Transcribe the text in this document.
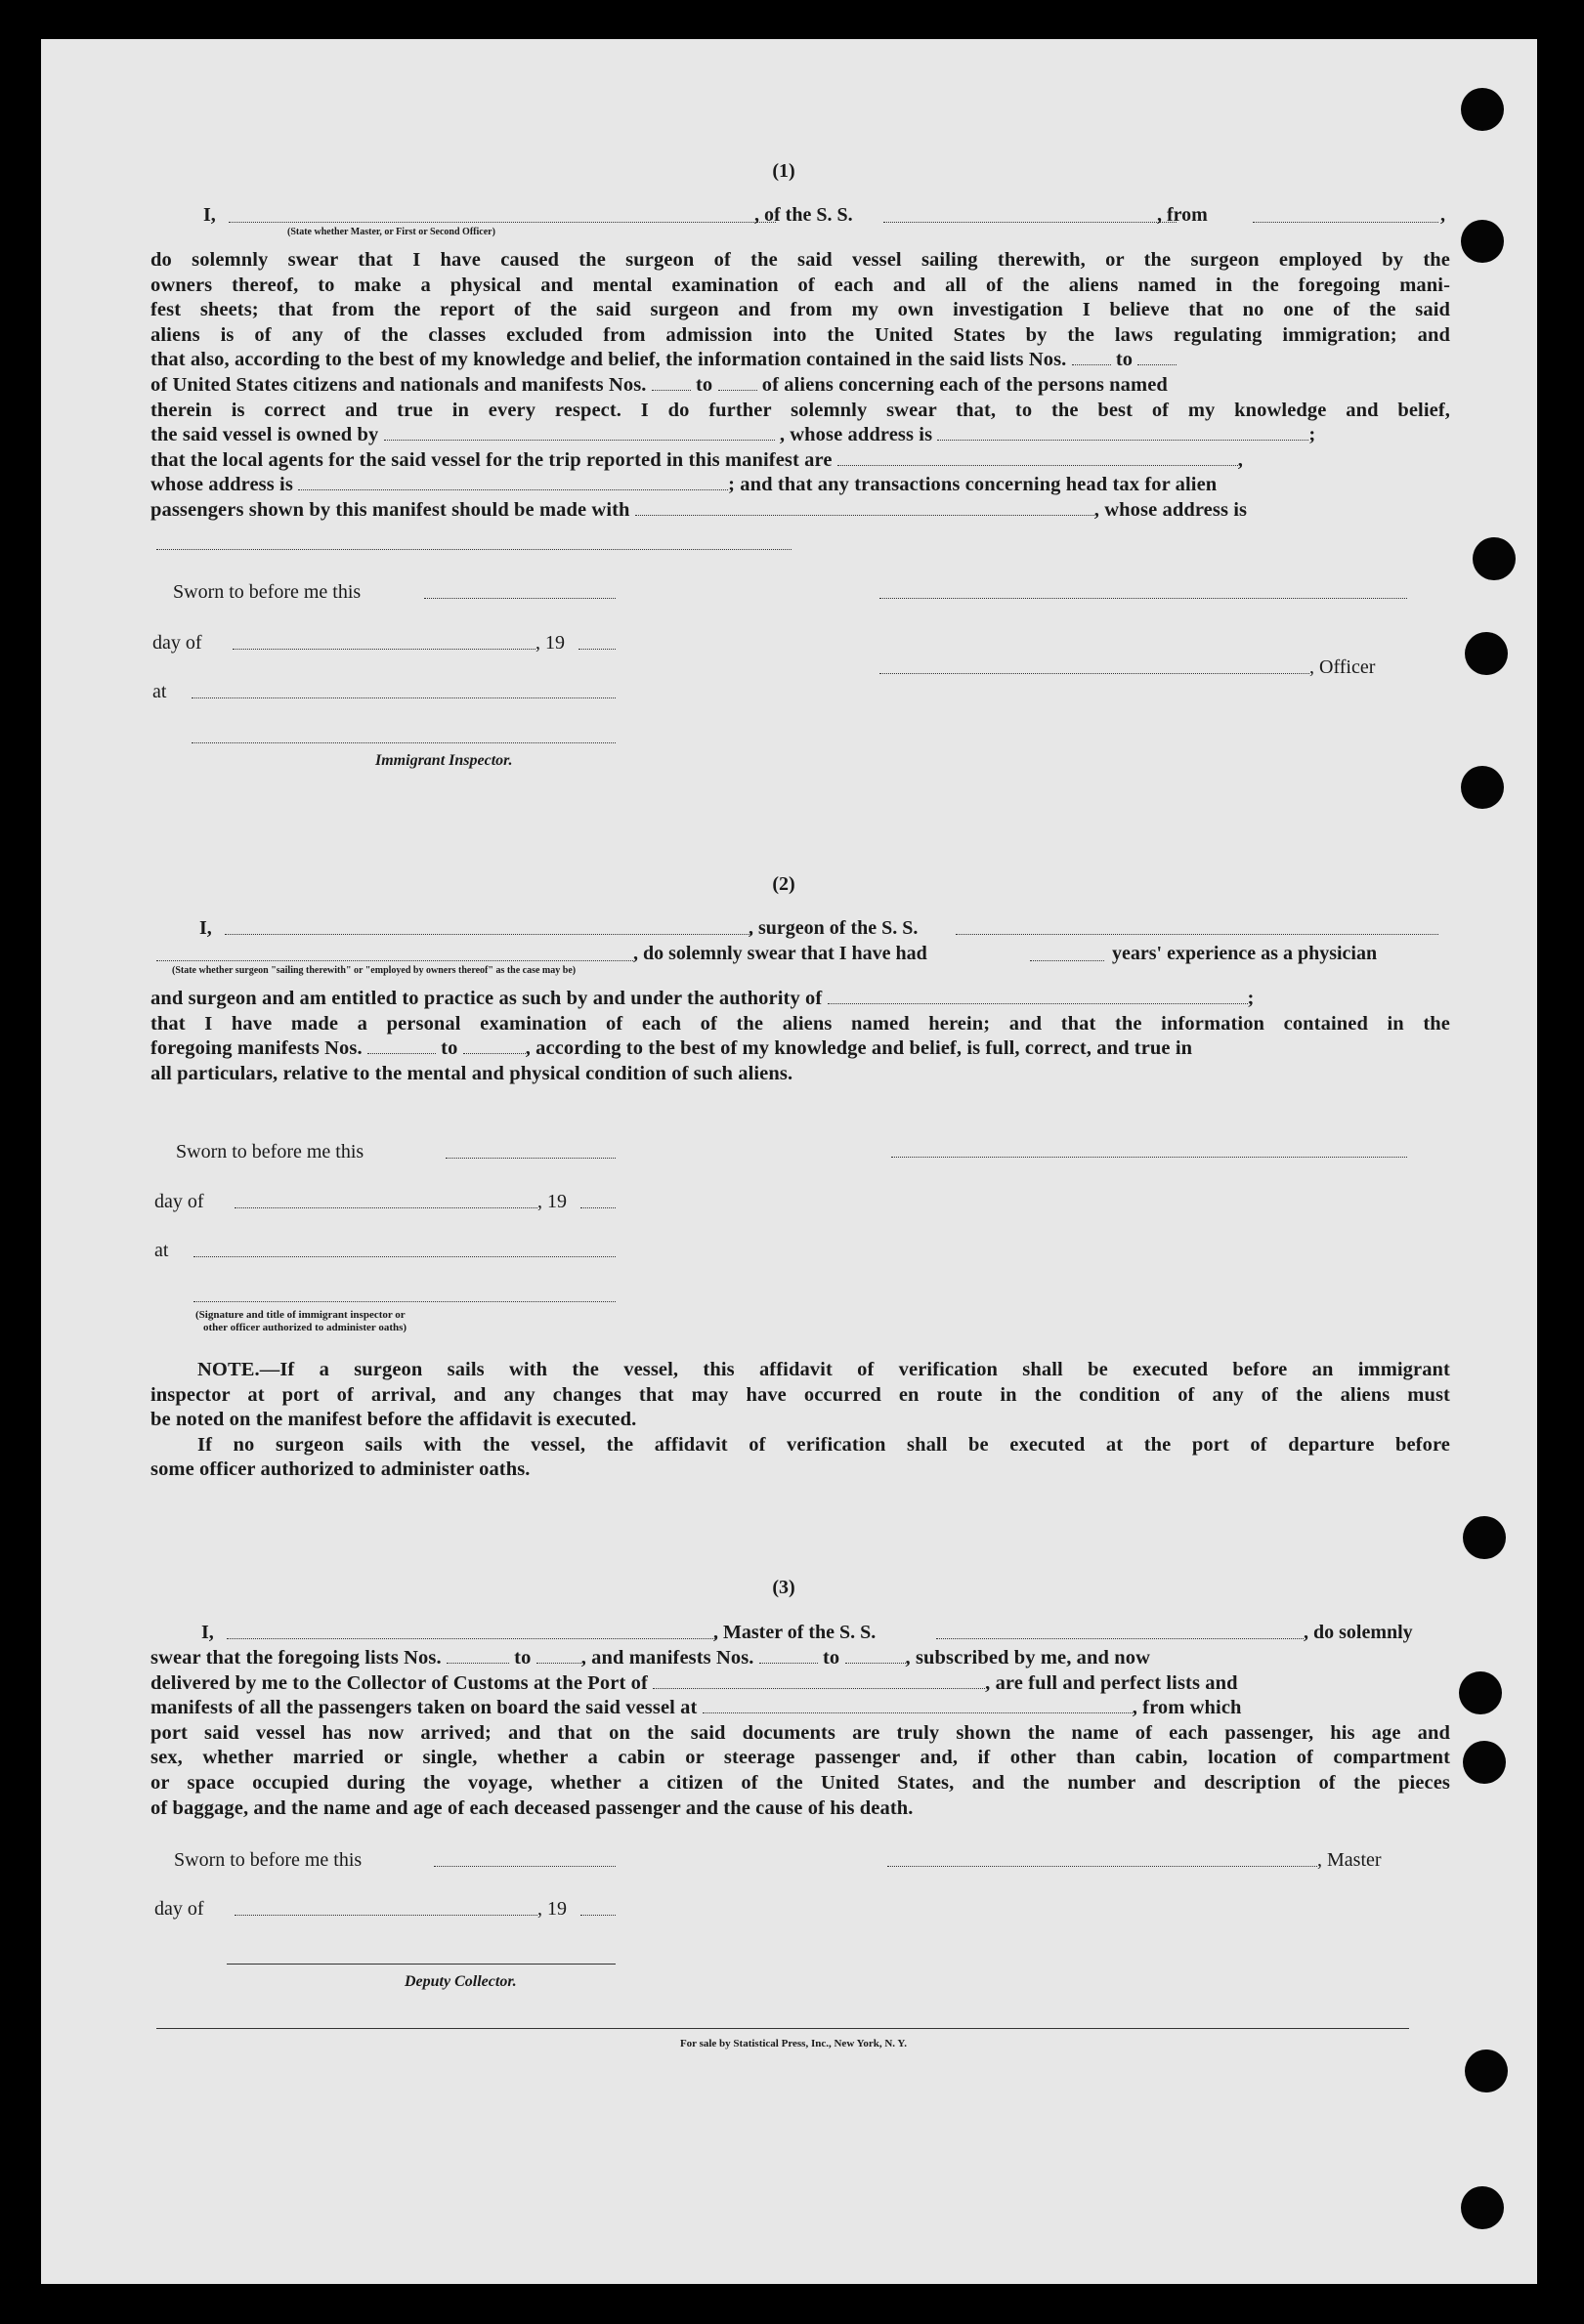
(1)
I,	, of the S. S.	, from	,
(State whether Master, or First or Second Officer)
do solemnly swear that I have caused the surgeon of the said vessel sailing therewith, or the surgeon employed by the
owners thereof, to make a physical and mental examination of each and all of the aliens named in the foregoing mani-
fest sheets; that from the report of the said surgeon and from my own investigation I believe that no one of the said
aliens is of any of the classes excluded from admission into the United States by the laws regulating immigration; and
that also, according to the best of my knowledge and belief, the information contained in the said lists Nos. to
of United States citizens and nationals and manifests Nos. to of aliens concerning each of the persons named
therein is correct and true in every respect. I do further solemnly swear that, to the best of my knowledge and belief,
the said vessel is owned by	, whose address is	;
that the local agents for the said vessel for the trip reported in this manifest are	,
whose address is	; and that any transactions concerning head tax for alien
passengers shown by this manifest should be made with	, whose address is
Sworn to before me this
day of	, 19
, Officer
at
Immigrant Inspector.
(2)
I,	, surgeon of the S. S.
, do solemnly swear that I have had	years' experience as a physician
(State whether surgeon "sailing therewith" or "employed by owners thereof" as the case may be)
and surgeon and am entitled to practice as such by and under the authority of	;
that I have made a personal examination of each of the aliens named herein; and that the information contained in the
foregoing manifests Nos.	to	, according to the best of my knowledge and belief, is full, correct, and true in
all particulars, relative to the mental and physical condition of such aliens.
Sworn to before me this
day of	, 19
at
(Signature and title of immigrant inspector or
other officer authorized to administer oaths)
NOTE.—If a surgeon sails with the vessel, this affidavit of verification shall be executed before an immigrant
inspector at port of arrival, and any changes that may have occurred en route in the condition of any of the aliens must
be noted on the manifest before the affidavit is executed.
If no surgeon sails with the vessel, the affidavit of verification shall be executed at the port of departure before
some officer authorized to administer oaths.
(3)
I,	, Master of the S. S.	, do solemnly
swear that the foregoing lists Nos.	to , and manifests Nos.	to	, subscribed by me, and now
delivered by me to the Collector of Customs at the Port of	, are full and perfect lists and
manifests of all the passengers taken on board the said vessel at	, from which
port said vessel has now arrived; and that on the said documents are truly shown the name of each passenger, his age and
sex, whether married or single, whether a cabin or steerage passenger and, if other than cabin, location of compartment
or space occupied during the voyage, whether a citizen of the United States, and the number and description of the pieces
of baggage, and the name and age of each deceased passenger and the cause of his death.
Sworn to before me this	, Master
day of	, 19
Deputy Collector.
For sale by Statistical Press, Inc., New York, N. Y.
